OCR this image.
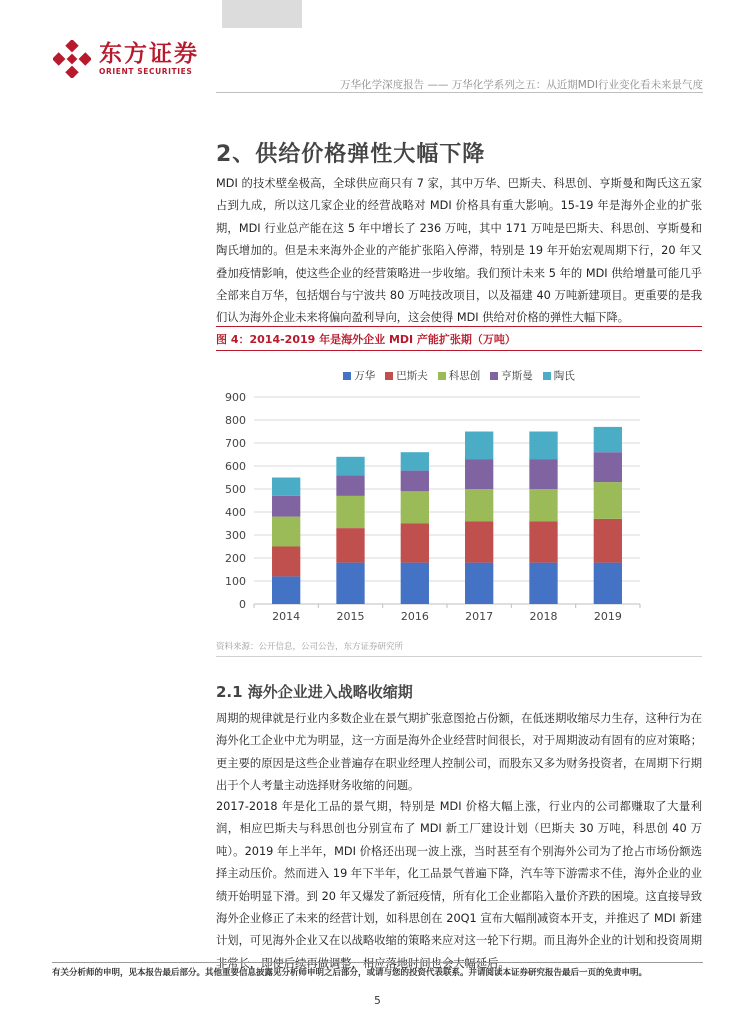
东方证券
ORIENT SECURITIES
万华化学深度报告 —— 万华化学系列之五：从近期MDI行业变化看未来景气度
2、供给价格弹性大幅下降
MDI 的技术壁垒极高，全球供应商只有 7 家，其中万华、巴斯夫、科思创、亨斯曼和陶氏这五家占到九成，所以这几家企业的经营战略对 MDI 价格具有重大影响。15-19 年是海外企业的扩张期，MDI 行业总产能在这 5 年中增长了 236 万吨，其中 171 万吨是巴斯夫、科思创、亨斯曼和陶氏增加的。但是未来海外企业的产能扩张陷入停滞，特别是 19 年开始宏观周期下行，20 年又叠加疫情影响，使这些企业的经营策略进一步收缩。我们预计未来 5 年的 MDI 供给增量可能几乎全部来自万华，包括烟台与宁波共 80 万吨技改项目，以及福建 40 万吨新建项目。更重要的是我们认为海外企业未来将偏向盈利导向，这会使得 MDI 供给对价格的弹性大幅下降。
图 4：2014-2019 年是海外企业 MDI 产能扩张期（万吨）
万华 巴斯夫 科思创 亨斯曼 陶氏
0
100
200
300
400
500
600
700
800
900
2014	2015	2016	2017	2018	2019
资料来源：公开信息，公司公告，东方证券研究所
2.1 海外企业进入战略收缩期
周期的规律就是行业内多数企业在景气期扩张意图抢占份额，在低迷期收缩尽力生存，这种行为在海外化工企业中尤为明显，这一方面是海外企业经营时间很长，对于周期波动有固有的应对策略；更主要的原因是这些企业普遍存在职业经理人控制公司，而股东又多为财务投资者，在周期下行期出于个人考量主动选择财务收缩的问题。
2017-2018 年是化工品的景气期，特别是 MDI 价格大幅上涨，行业内的公司都赚取了大量利润，相应巴斯夫与科思创也分别宣布了 MDI 新工厂建设计划（巴斯夫 30 万吨，科思创 40 万吨）。2019 年上半年，MDI 价格还出现一波上涨，当时甚至有个别海外公司为了抢占市场份额选择主动压价。然而进入 19 年下半年，化工品景气普遍下降，汽车等下游需求不佳，海外企业的业绩开始明显下滑。到 20 年又爆发了新冠疫情，所有化工企业都陷入量价齐跌的困境。这直接导致海外企业修正了未来的经营计划，如科思创在 20Q1 宣布大幅削减资本开支，并推迟了 MDI 新建计划，可见海外企业又在以战略收缩的策略来应对这一轮下行期。而且海外企业的计划和投资周期非常长，即使后续再做调整，相应落地时间也会大幅延后。
有关分析师的申明，见本报告最后部分。其他重要信息披露见分析师申明之后部分，或请与您的投资代表联系。并请阅读本证券研究报告最后一页的免责申明。
5
